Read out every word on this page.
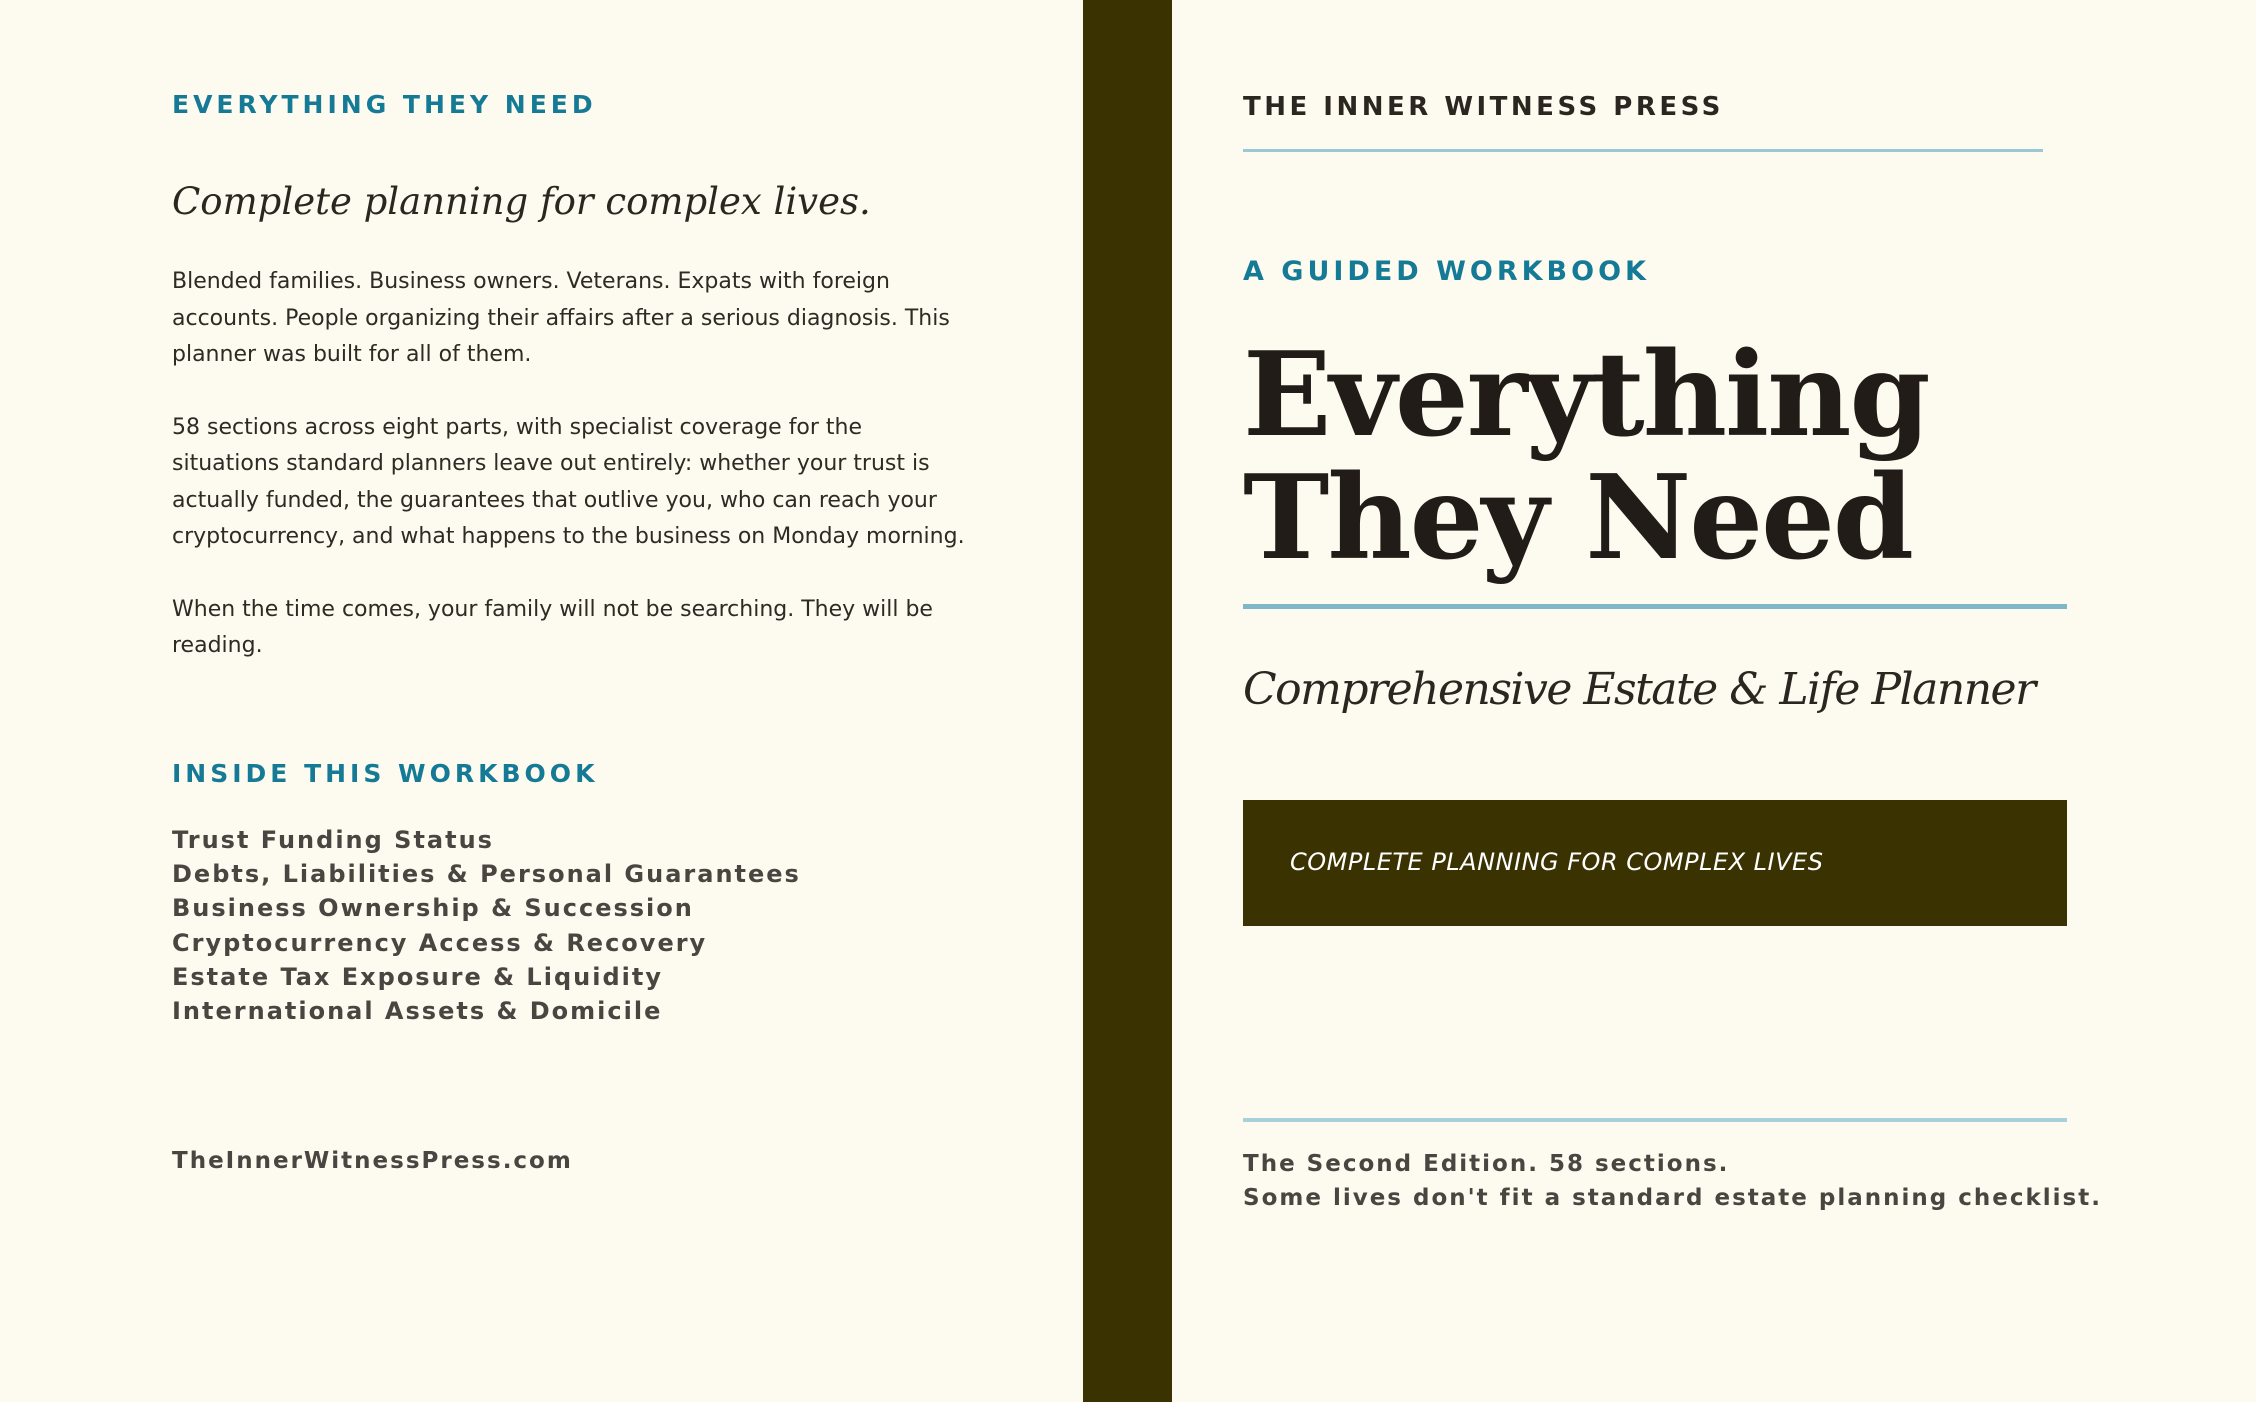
EVERYTHING THEY NEED
Complete planning for complex lives.

Blended families. Business owners. Veterans. Expats with foreign accounts. People organizing their affairs after a serious diagnosis. This planner was built for all of them.

58 sections across eight parts, with specialist coverage for the situations standard planners leave out entirely: whether your trust is actually funded, the guarantees that outlive you, who can reach your cryptocurrency, and what happens to the business on Monday morning.

When the time comes, your family will not be searching. They will be reading.

INSIDE THIS WORKBOOK
Trust Funding Status
Debts, Liabilities & Personal Guarantees
Business Ownership & Succession
Cryptocurrency Access & Recovery
Estate Tax Exposure & Liquidity
International Assets & Domicile
TheInnerWitnessPress.com
THE INNER WITNESS PRESS
A GUIDED WORKBOOK
Everything
They Need
Comprehensive Estate & Life Planner
COMPLETE PLANNING FOR COMPLEX LIVES
The Second Edition. 58 sections.
Some lives don't fit a standard estate planning checklist.
